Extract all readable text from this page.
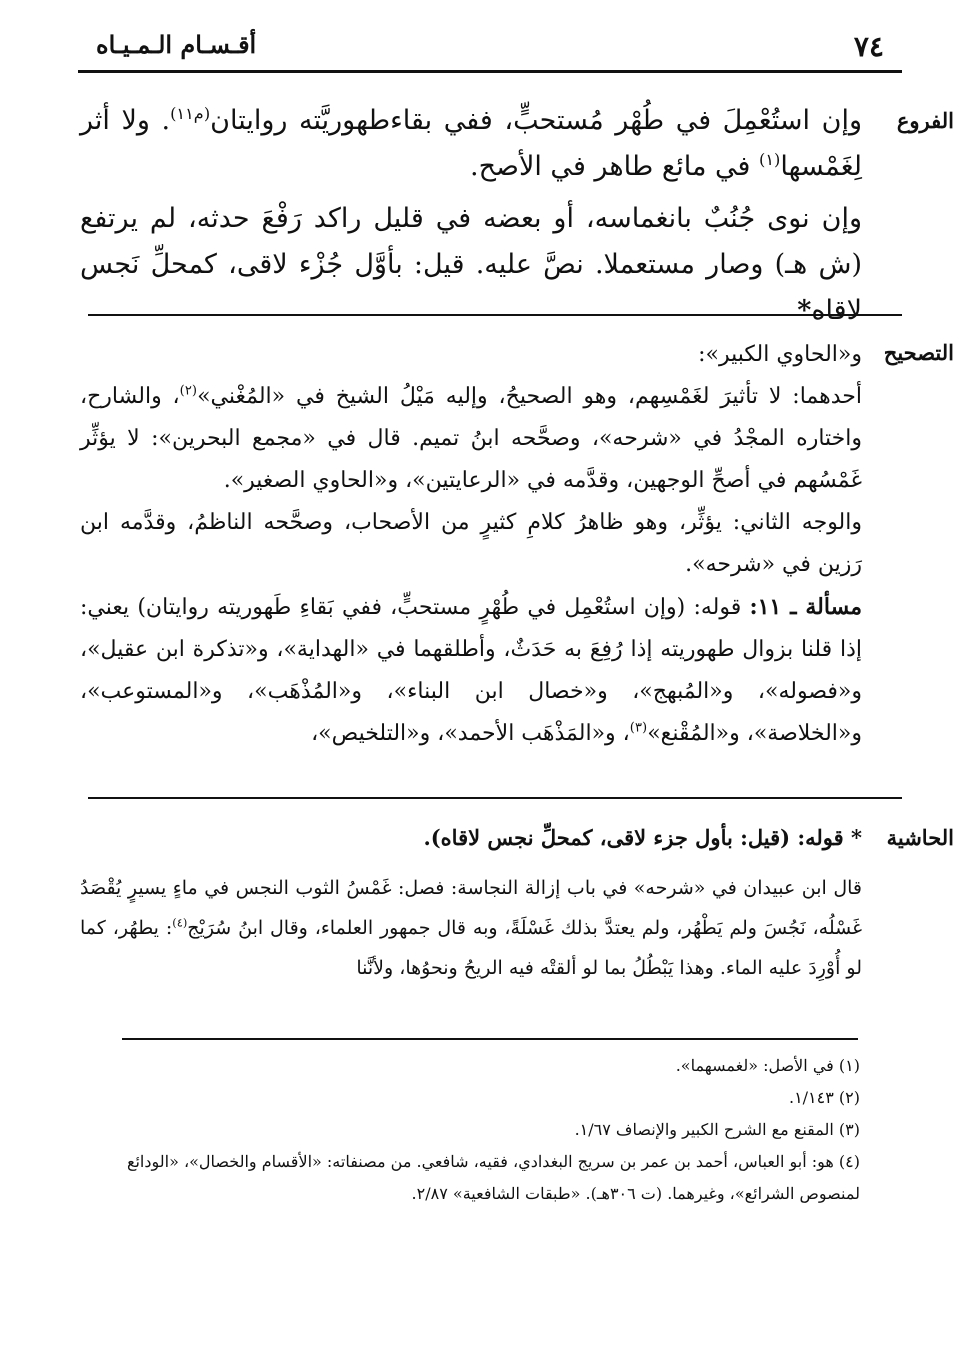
٧٤
أقـسـام الـمـيـاه
الفروع

وإن استُعْمِلَ في طُهْر مُستحبٍّ، ففي بقاءطهوريَّته روايتان$^{(م١١)}$. ولا أثر لِغَمْسها$^{(١)}$ في مائع طاهر في الأصح.

وإن نوى جُنُبٌ بانغماسه، أو بعضه في قليل راكد رَفْعَ حدثه، لم يرتفع (ش هـ) وصار مستعملا. نصَّ عليه. قيل: بأوَّل جُزْء لاقى، كمحلِّ نَجس لاقاه*

التصحيح

و«الحاوي الكبير»:

أحدهما: لا تأثيرَ لغَمْسِهم، وهو الصحيحُ، وإليه مَيْلُ الشيخ في «المُغْني»$^{(٢)}$، والشارح، واختاره المجْدُ في «شرحه»، وصحَّحه ابنُ تميم. قال في «مجمع البحرين»: لا يؤثِّر غَمْسُهم في أصحِّ الوجهين، وقدَّمه في «الرعايتين»، و«الحاوي الصغير».

والوجه الثاني: يؤثِّر، وهو ظاهرُ كلامِ كثيرٍ من الأصحاب، وصحَّحه الناظمُ، وقدَّمه ابن رَزين في «شرحه».

مسألة ـ ١١: قوله: (وإن استُعْمِل في طُهْرٍ مستحبٍّ، ففي بَقاءِ طَهوريته روايتان) يعني: إذا قلنا بزوال طهوريته إذا رُفِعَ به حَدَثٌ، وأطلقهما في «الهداية»، و«تذكرة ابن عقيل»، و«فصوله»، و«المُبهج»، و«خصال ابن البناء»، و«المُذْهَب»، و«المستوعب»، و«الخلاصة»، و«المُقْنع»$^{(٣)}$، و«المَذْهَب الأحمد»، و«التلخيص»،

الحاشية

* قوله: (قيل: بأول جزء لاقى، كمحلِّ نجس لاقاه).

قال ابن عبيدان في «شرحه» في باب إزالة النجاسة: فصل: غَمْسُ الثوب النجس في ماءٍ يسيرٍ يُقْصَدُ غَسْلُه، نَجُسَ ولم يَطْهُر، ولم يعتدَّ بذلك غَسْلَةً، وبه قال جمهور العلماء، وقال ابنُ سُرَيْج$^{(٤)}$: يطهُر، كما لو أُوْرِدَ عليه الماء. وهذا يَبْطُلُ بما لو ألقتْه فيه الريحُ ونحوُها، ولأنَّنا

(١) في الأصل: «لغمسهما».

(٢) ١/١٤٣.

(٣) المقنع مع الشرح الكبير والإنصاف ١/٦٧.

(٤) هو: أبو العباس، أحمد بن عمر بن سريج البغدادي، فقيه، شافعي. من مصنفاته: «الأقسام والخصال»، «الودائع لمنصوص الشرائع»، وغيرهما. (ت ٣٠٦هـ). «طبقات الشافعية» ٢/٨٧.
